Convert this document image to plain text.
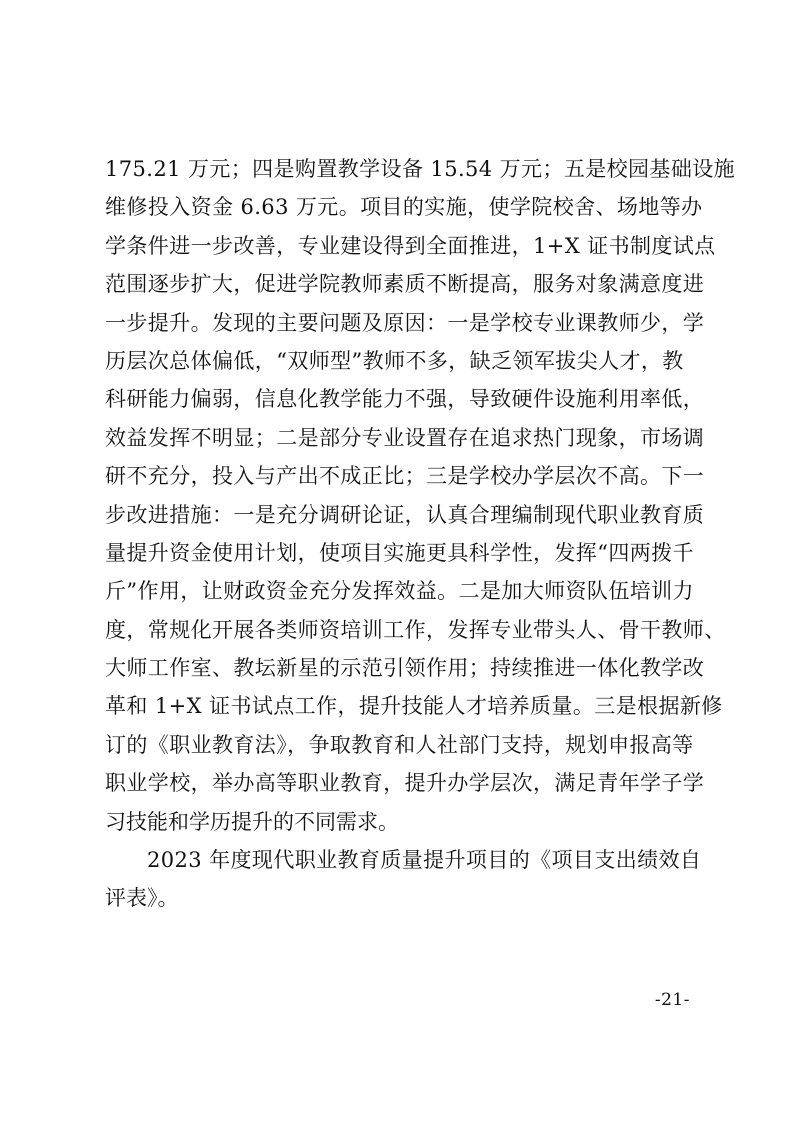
175.21 万元；四是购置教学设备 15.54 万元；五是校园基础设施
维修投入资金 6.63 万元。项目的实施，使学院校舍、场地等办
学条件进一步改善，专业建设得到全面推进，1+X 证书制度试点
范围逐步扩大，促进学院教师素质不断提高，服务对象满意度进
一步提升。发现的主要问题及原因：一是学校专业课教师少，学
历层次总体偏低，“双师型”教师不多，缺乏领军拔尖人才，教
科研能力偏弱，信息化教学能力不强，导致硬件设施利用率低，
效益发挥不明显；二是部分专业设置存在追求热门现象，市场调
研不充分，投入与产出不成正比；三是学校办学层次不高。下一
步改进措施：一是充分调研论证，认真合理编制现代职业教育质
量提升资金使用计划，使项目实施更具科学性，发挥“四两拨千
斤”作用，让财政资金充分发挥效益。二是加大师资队伍培训力
度，常规化开展各类师资培训工作，发挥专业带头人、骨干教师、
大师工作室、教坛新星的示范引领作用；持续推进一体化教学改
革和 1+X 证书试点工作，提升技能人才培养质量。三是根据新修
订的《职业教育法》，争取教育和人社部门支持，规划申报高等
职业学校，举办高等职业教育，提升办学层次，满足青年学子学
习技能和学历提升的不同需求。
2023 年度现代职业教育质量提升项目的《项目支出绩效自
评表》。
-21-
